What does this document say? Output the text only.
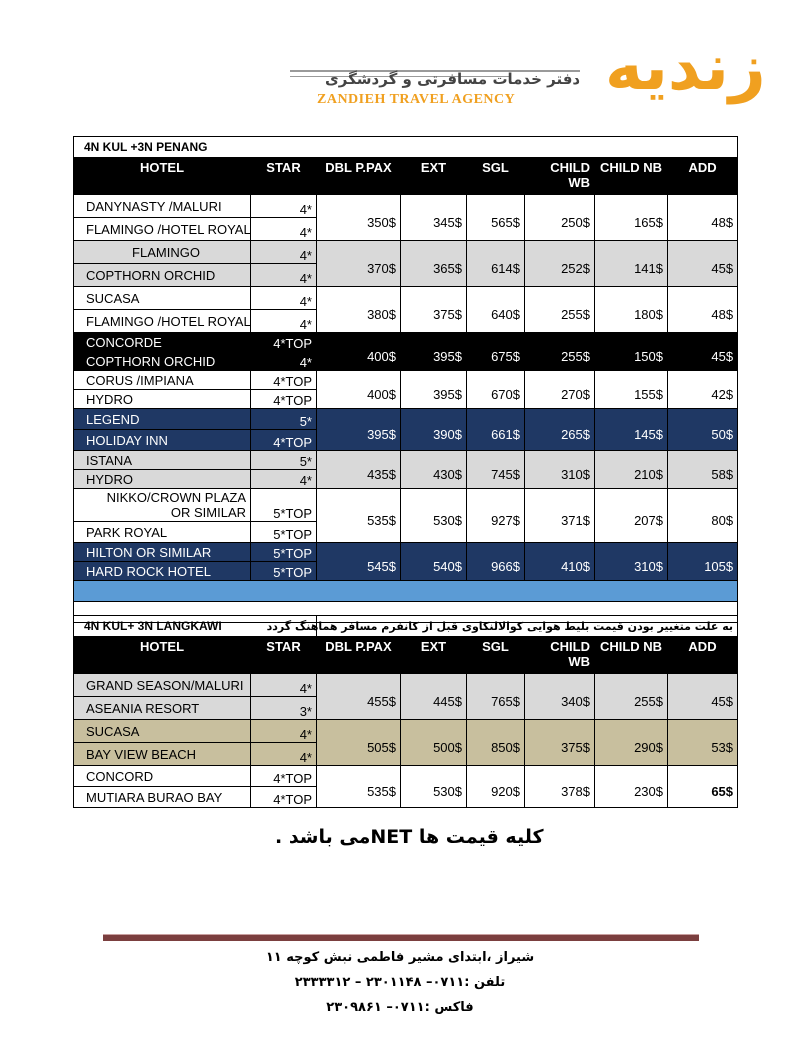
زندیه
دفتر خدمات مسافرتی و گردشگری
ZANDIEH TRAVEL AGENCY
4N KUL +3N PENANG							
HOTEL	STAR	DBL P.PAX	EXT	SGL	CHILD WB	CHILD NB	ADD
DANYNASTY /MALURI	4*	350$	345$	565$	250$	165$	48$
FLAMINGO /HOTEL ROYAL	4*						
FLAMINGO	4*	370$	365$	614$	252$	141$	45$
COPTHORN ORCHID	4*						
SUCASA	4*	380$	375$	640$	255$	180$	48$
FLAMINGO /HOTEL ROYAL	4*						
CONCORDE	4*TOP	400$	395$	675$	255$	150$	45$
COPTHORN ORCHID	4*						
CORUS /IMPIANA	4*TOP	400$	395$	670$	270$	155$	42$
HYDRO	4*TOP						
LEGEND	5*	395$	390$	661$	265$	145$	50$
HOLIDAY INN	4*TOP						
ISTANA	5*	435$	430$	745$	310$	210$	58$
HYDRO	4*						
NIKKO/CROWN PLAZA OR SIMILAR	5*TOP	535$	530$	927$	371$	207$	80$
PARK ROYAL	5*TOP						
HILTON OR SIMILAR	5*TOP	545$	540$	966$	410$	310$	105$
HARD ROCK HOTEL	5*TOP						

4N KUL+ 3N LANGKAWI		به علت متغییر بودن قیمت بلیط هوایی کوالالنکاوی قبل از کانفرم مسافر هماهنگ گردد					
HOTEL	STAR	DBL P.PAX	EXT	SGL	CHILD WB	CHILD NB	ADD
GRAND SEASON/MALURI	4*	455$	445$	765$	340$	255$	45$
ASEANIA RESORT	3*						
SUCASA	4*	505$	500$	850$	375$	290$	53$
BAY VIEW BEACH	4*						
CONCORD	4*TOP	535$	530$	920$	378$	230$	65$
MUTIARA BURAO BAY	4*TOP						
کلیه قیمت ها NETمی باشد .
شیراز ،ابتدای مشیر فاطمی نبش کوچه ۱۱
تلفن :۰۷۱۱– ۲۳۰۱۱۴۸ – ۲۳۳۳۳۱۲
فاکس :۰۷۱۱– ۲۳۰۹۸۶۱
